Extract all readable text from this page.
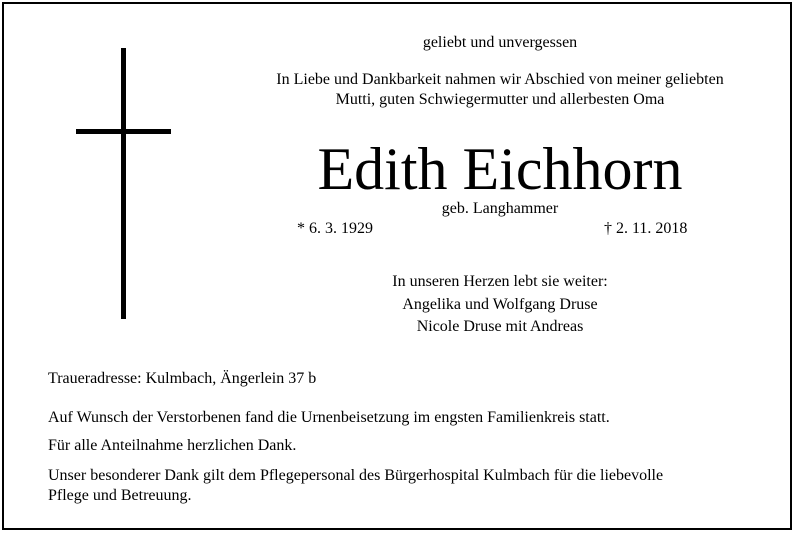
geliebt und unvergessen
In Liebe und Dankbarkeit nahmen wir Abschied von meiner geliebten
Mutti, guten Schwiegermutter und allerbesten Oma
Edith Eichhorn
geb. Langhammer
* 6. 3. 1929	† 2. 11. 2018
In unseren Herzen lebt sie weiter:
Angelika und Wolfgang Druse
Nicole Druse mit Andreas
Traueradresse: Kulmbach, Ängerlein 37 b
Auf Wunsch der Verstorbenen fand die Urnenbeisetzung im engsten Familienkreis statt.
Für alle Anteilnahme herzlichen Dank.
Unser besonderer Dank gilt dem Pflegepersonal des Bürgerhospital Kulmbach für die liebevolle
Pflege und Betreuung.
